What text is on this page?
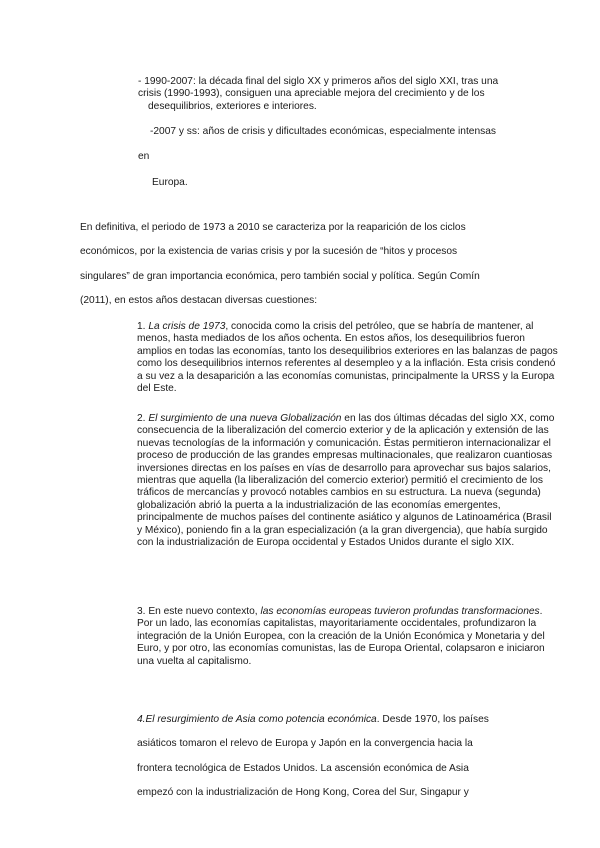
- 1990-2007: la década final del siglo XX y primeros años del siglo XXI, tras una
crisis (1990-1993), consiguen una apreciable mejora del crecimiento y de los
desequilibrios, exteriores e interiores.
-2007 y ss: años de crisis y dificultades económicas, especialmente intensas
en
Europa.
En definitiva, el periodo de 1973 a 2010 se caracteriza por la reaparición de los ciclos
económicos, por la existencia de varias crisis y por la sucesión de “hitos y procesos
singulares” de gran importancia económica, pero también social y política. Según Comín
(2011), en estos años destacan diversas cuestiones:
1. La crisis de 1973, conocida como la crisis del petróleo, que se habría de mantener, al menos, hasta mediados de los años ochenta. En estos años, los desequilibrios fueron amplios en todas las economías, tanto los desequilibrios exteriores en las balanzas de pagos como los desequilibrios internos referentes al desempleo y a la inflación. Esta crisis condenó a su vez a la desaparición a las economías comunistas, principalmente la URSS y la Europa del Este.
2. El surgimiento de una nueva Globalización en las dos últimas décadas del siglo XX, como consecuencia de la liberalización del comercio exterior y de la aplicación y extensión de las nuevas tecnologías de la información y comunicación. Éstas permitieron internacionalizar el proceso de producción de las grandes empresas multinacionales, que realizaron cuantiosas inversiones directas en los países en vías de desarrollo para aprovechar sus bajos salarios, mientras que aquella (la liberalización del comercio exterior) permitió el crecimiento de los tráficos de mercancías y provocó notables cambios en su estructura. La nueva (segunda) globalización abrió la puerta a la industrialización de las economías emergentes, principalmente de muchos países del continente asiático y algunos de Latinoamérica (Brasil y México), poniendo fin a la gran especialización (a la gran divergencia), que había surgido con la industrialización de Europa occidental y Estados Unidos durante el siglo XIX.
3. En este nuevo contexto, las economías europeas tuvieron profundas transformaciones. Por un lado, las economías capitalistas, mayoritariamente occidentales, profundizaron la integración de la Unión Europea, con la creación de la Unión Económica y Monetaria y del Euro, y por otro, las economías comunistas, las de Europa Oriental, colapsaron e iniciaron una vuelta al capitalismo.
4.El resurgimiento de Asia como potencia económica. Desde 1970, los países
asiáticos tomaron el relevo de Europa y Japón en la convergencia hacia la
frontera tecnológica de Estados Unidos. La ascensión económica de Asia
empezó con la industrialización de Hong Kong, Corea del Sur, Singapur y
